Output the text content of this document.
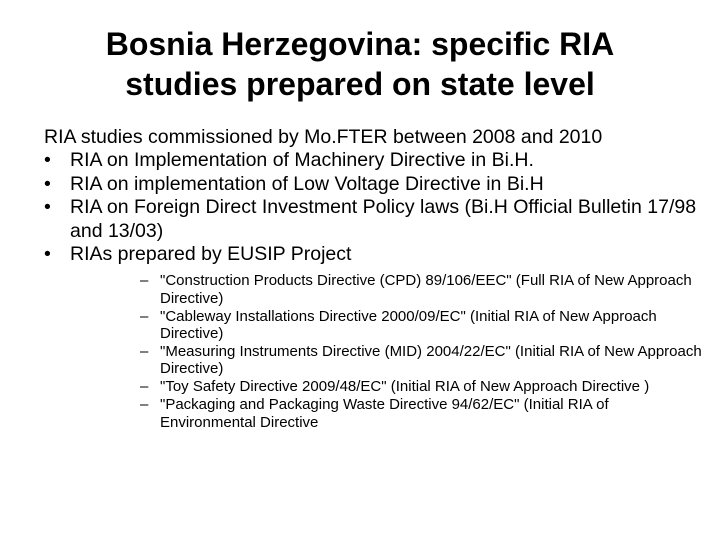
Bosnia Herzegovina: specific RIA
studies prepared on state level

RIA studies commissioned by Mo.FTER between 2008 and 2010

• RIA on Implementation of Machinery Directive in Bi.H.
• RIA on implementation of Low Voltage Directive in Bi.H
• RIA on Foreign Direct Investment Policy laws (Bi.H Official Bulletin 17/98 and 13/03)
• RIAs prepared by EUSIP Project
– "Construction Products Directive (CPD) 89/106/EEC" (Full RIA of New Approach Directive)
– "Cableway Installations Directive 2000/09/EC" (Initial RIA of New Approach Directive)
– "Measuring Instruments Directive (MID) 2004/22/EC" (Initial RIA of New Approach Directive)
– "Toy Safety Directive 2009/48/EC" (Initial RIA of New Approach Directive )
– "Packaging and Packaging Waste Directive 94/62/EC" (Initial RIA of Environmental Directive
